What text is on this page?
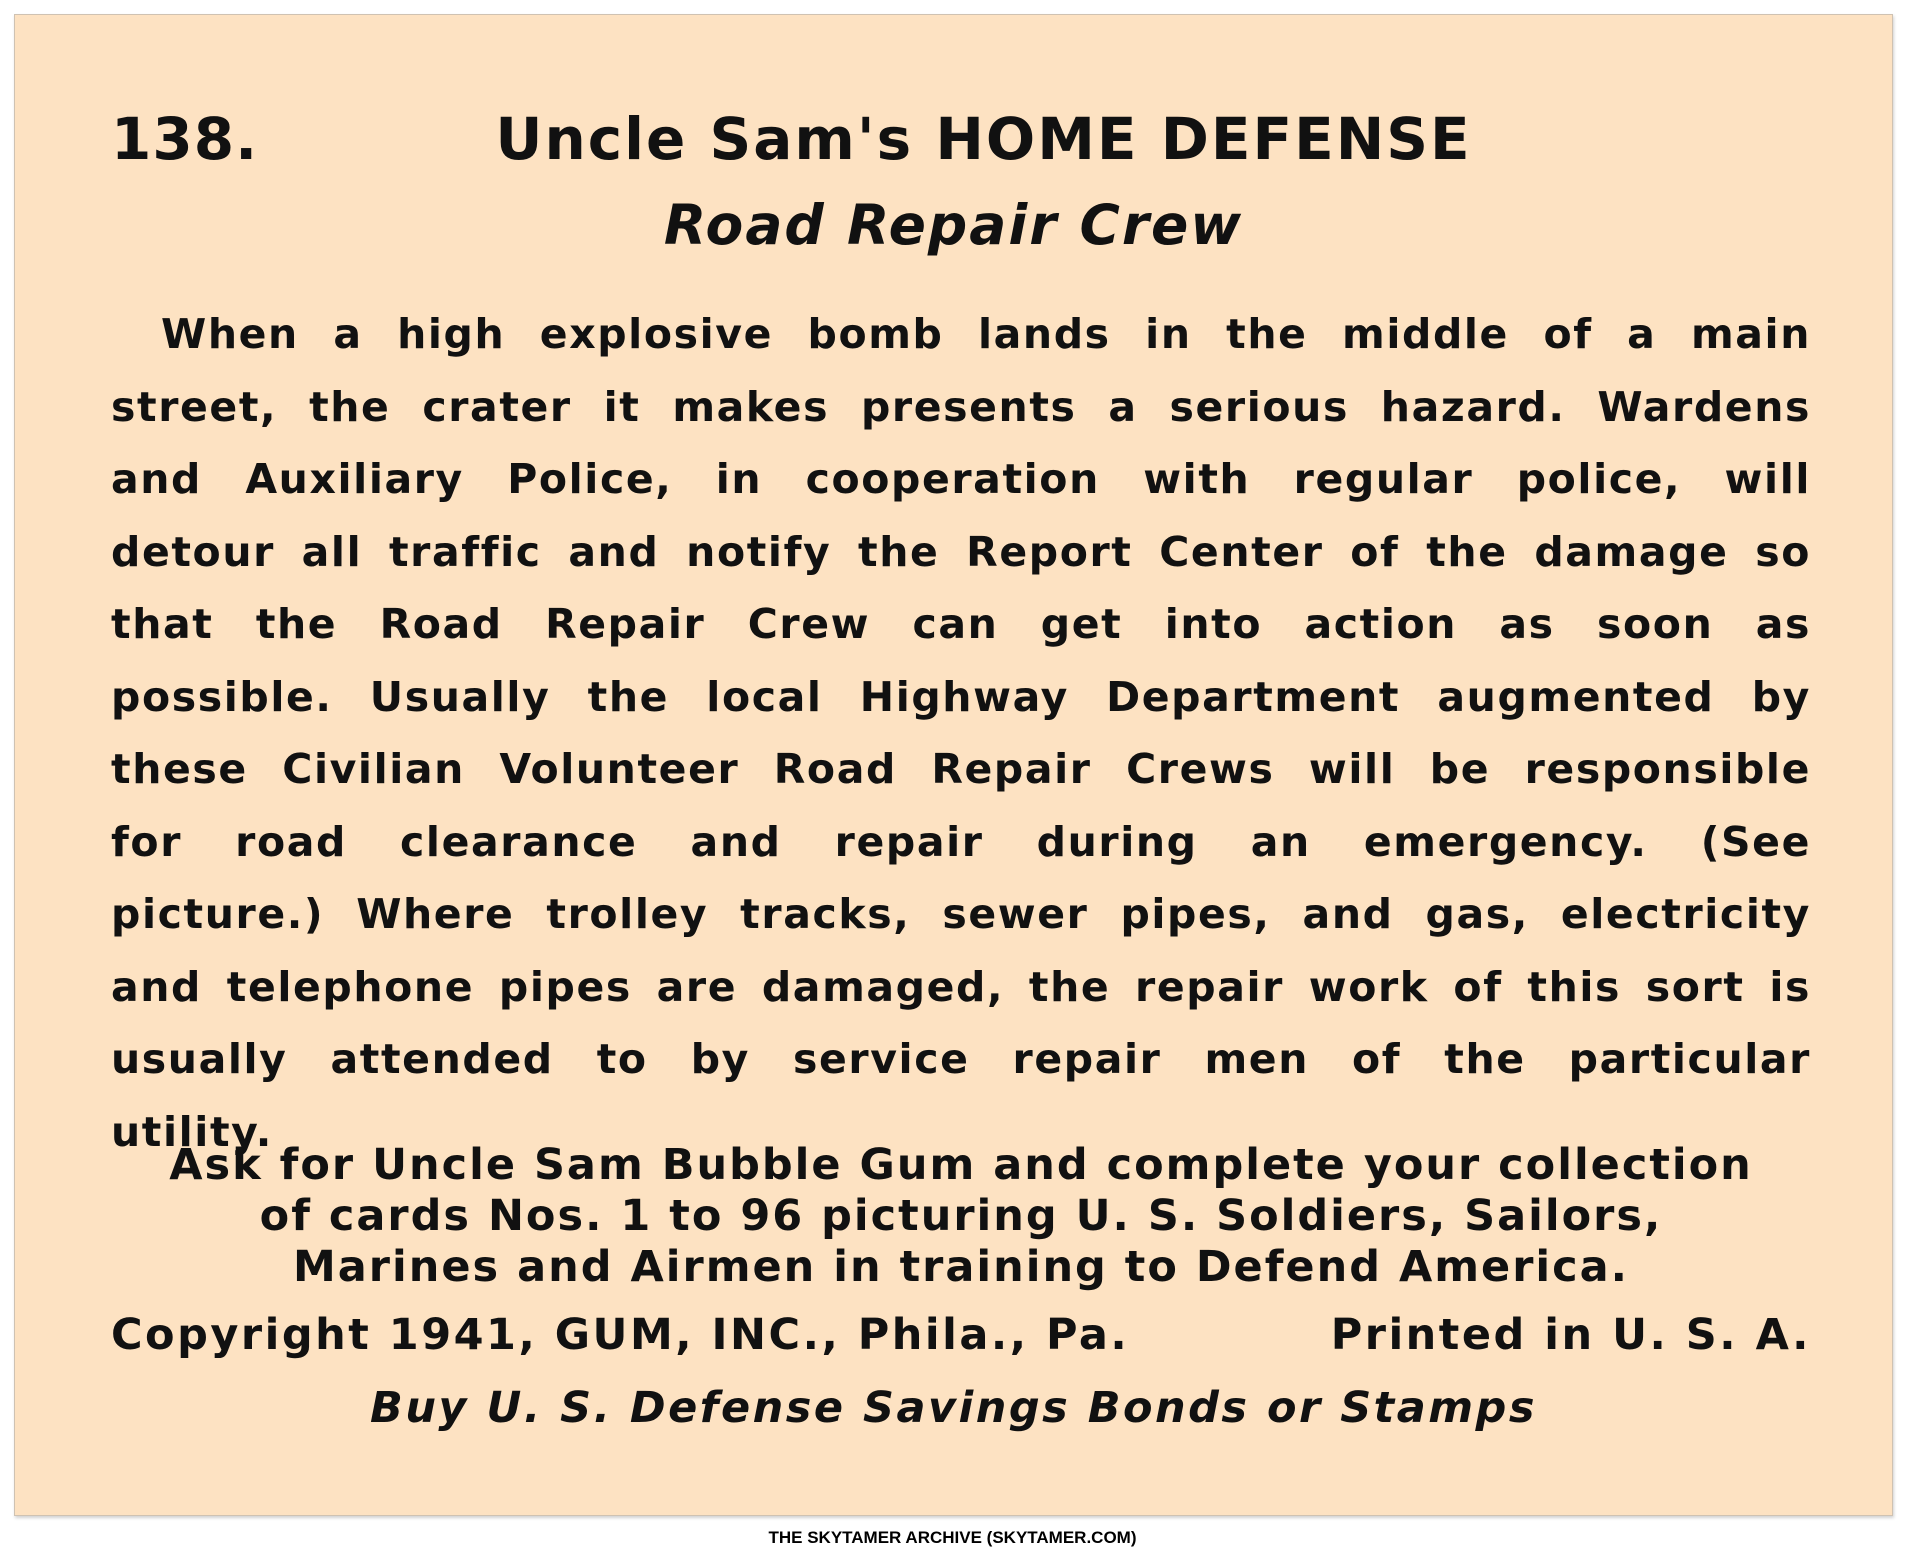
138.	Uncle Sam's HOME DEFENSE
Road Repair Crew

When a high explosive bomb lands in the middle of a main street, the crater it makes presents a serious hazard. Wardens and Auxiliary Police, in cooperation with regular police, will detour all traffic and notify the Report Center of the damage so that the Road Repair Crew can get into action as soon as possible. Usually the local Highway Department augmented by these Civilian Volunteer Road Repair Crews will be responsible for road clearance and repair during an emergency. (See picture.) Where trolley tracks, sewer pipes, and gas, electricity and telephone pipes are damaged, the repair work of this sort is usually attended to by service repair men of the particular utility.

Ask for Uncle Sam Bubble Gum and complete your collection
of cards Nos. 1 to 96 picturing U. S. Soldiers, Sailors,
Marines and Airmen in training to Defend America.
Copyright 1941, GUM, INC., Phila., Pa.	Printed in U. S. A.
Buy U. S. Defense Savings Bonds or Stamps
THE SKYTAMER ARCHIVE (SKYTAMER.COM)
